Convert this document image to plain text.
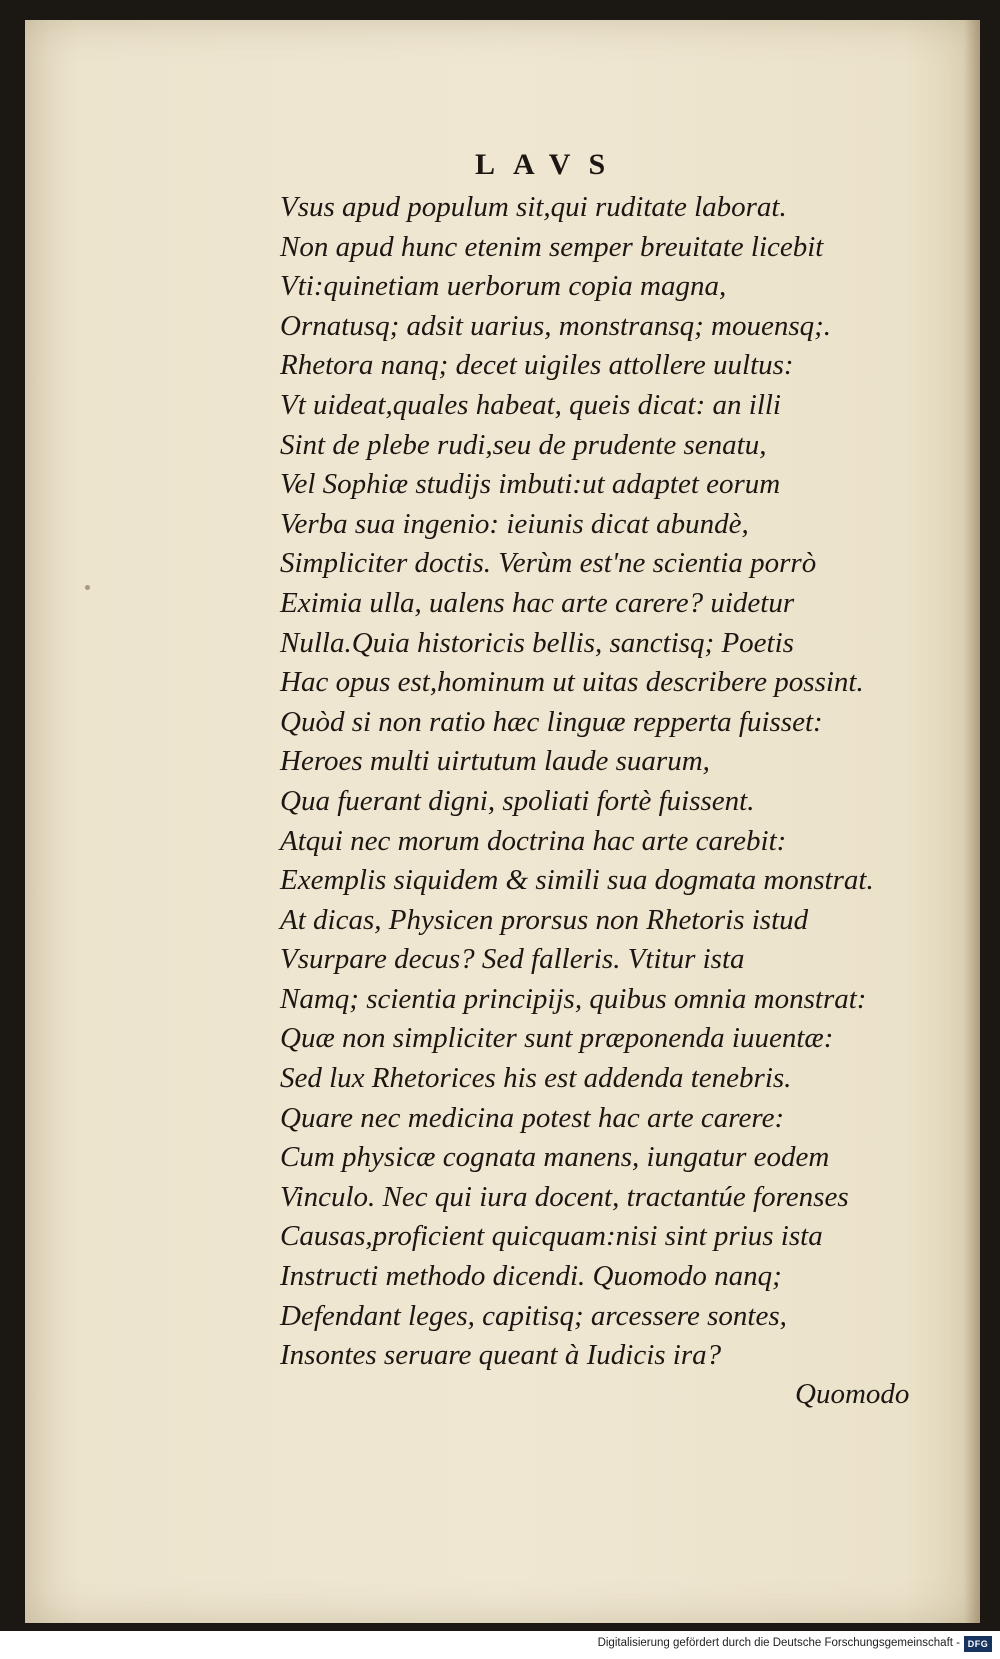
LAVS
Vsus apud populum sit,qui ruditate laborat.
Non apud hunc etenim semper breuitate licebit
Vti:quinetiam uerborum copia magna,
Ornatusq; adsit uarius, monstransq; mouensq;.
Rhetora nanq; decet uigiles attollere uultus:
Vt uideat,quales habeat, queis dicat: an illi
Sint de plebe rudi,seu de prudente senatu,
Vel Sophiæ studijs imbuti:ut adaptet eorum
Verba sua ingenio: ieiunis dicat abundè,
Simpliciter doctis. Verùm est'ne scientia porrò
Eximia ulla, ualens hac arte carere? uidetur
Nulla.Quia historicis bellis, sanctisq; Poetis
Hac opus est,hominum ut uitas describere possint.
Quòd si non ratio hæc linguæ repperta fuisset:
Heroes multi uirtutum laude suarum,
Qua fuerant digni, spoliati fortè fuissent.
Atqui nec morum doctrina hac arte carebit:
Exemplis siquidem & simili sua dogmata monstrat.
At dicas, Physicen prorsus non Rhetoris istud
Vsurpare decus? Sed falleris. Vtitur ista
Namq; scientia principijs, quibus omnia monstrat:
Quæ non simpliciter sunt præponenda iuuentæ:
Sed lux Rhetorices his est addenda tenebris.
Quare nec medicina potest hac arte carere:
Cum physicæ cognata manens, iungatur eodem
Vinculo. Nec qui iura docent, tractantúe forenses
Causas,proficient quicquam:nisi sint prius ista
Instructi methodo dicendi. Quomodo nanq;
Defendant leges, capitisq; arcessere sontes,
Insontes seruare queant à Iudicis ira?
Quomodo
Digitalisierung gefördert durch die Deutsche Forschungsgemeinschaft - DFG
